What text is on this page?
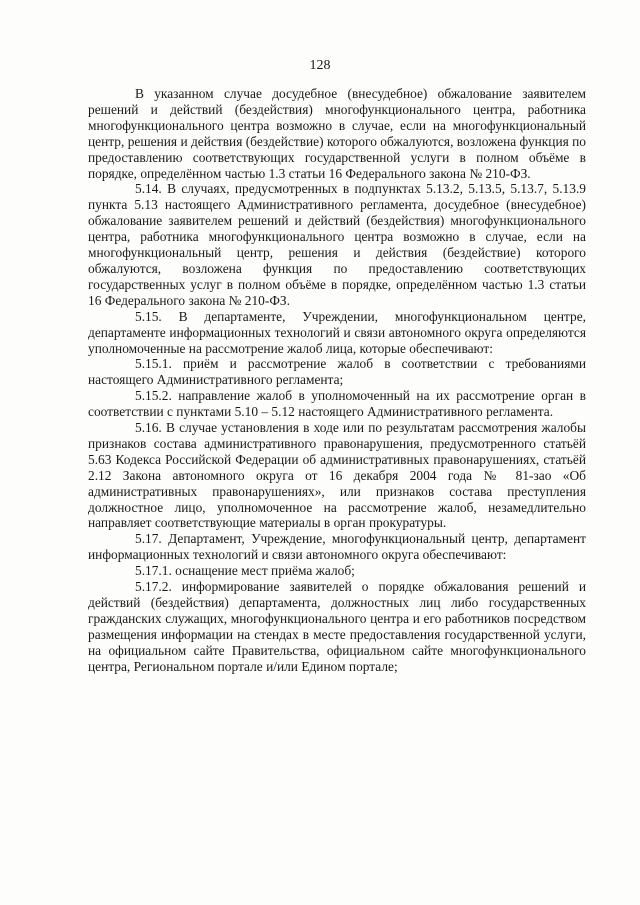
128

В указанном случае досудебное (внесудебное) обжалование заявителем решений и действий (бездействия) многофункционального центра, работника многофункционального центра возможно в случае, если на многофункциональный центр, решения и действия (бездействие) которого обжалуются, возложена функция по предоставлению соответствующих государственной услуги в полном объёме в порядке, определённом частью 1.3 статьи 16 Федерального закона № 210-ФЗ.

5.14. В случаях, предусмотренных в подпунктах 5.13.2, 5.13.5, 5.13.7, 5.13.9 пункта 5.13 настоящего Административного регламента, досудебное (внесудебное) обжалование заявителем решений и действий (бездействия) многофункционального центра, работника многофункционального центра возможно в случае, если на многофункциональный центр, решения и действия (бездействие) которого обжалуются, возложена функция по предоставлению соответствующих государственных услуг в полном объёме в порядке, определённом частью 1.3 статьи 16 Федерального закона № 210-ФЗ.

5.15. В департаменте, Учреждении, многофункциональном центре, департаменте информационных технологий и связи автономного округа определяются уполномоченные на рассмотрение жалоб лица, которые обеспечивают:

5.15.1. приём и рассмотрение жалоб в соответствии с требованиями настоящего Административного регламента;

5.15.2. направление жалоб в уполномоченный на их рассмотрение орган в соответствии с пунктами 5.10 – 5.12 настоящего Административного регламента.

5.16. В случае установления в ходе или по результатам рассмотрения жалобы признаков состава административного правонарушения, предусмотренного статьёй 5.63 Кодекса Российской Федерации об административных правонарушениях, статьёй 2.12 Закона автономного округа от 16 декабря 2004 года № 81-зао «Об административных правонарушениях», или признаков состава преступления должностное лицо, уполномоченное на рассмотрение жалоб, незамедлительно направляет соответствующие материалы в орган прокуратуры.

5.17. Департамент, Учреждение, многофункциональный центр, департамент информационных технологий и связи автономного округа обеспечивают:

5.17.1. оснащение мест приёма жалоб;

5.17.2. информирование заявителей о порядке обжалования решений и действий (бездействия) департамента, должностных лиц либо государственных гражданских служащих, многофункционального центра и его работников посредством размещения информации на стендах в месте предоставления государственной услуги, на официальном сайте Правительства, официальном сайте многофункционального центра, Региональном портале и/или Едином портале;
